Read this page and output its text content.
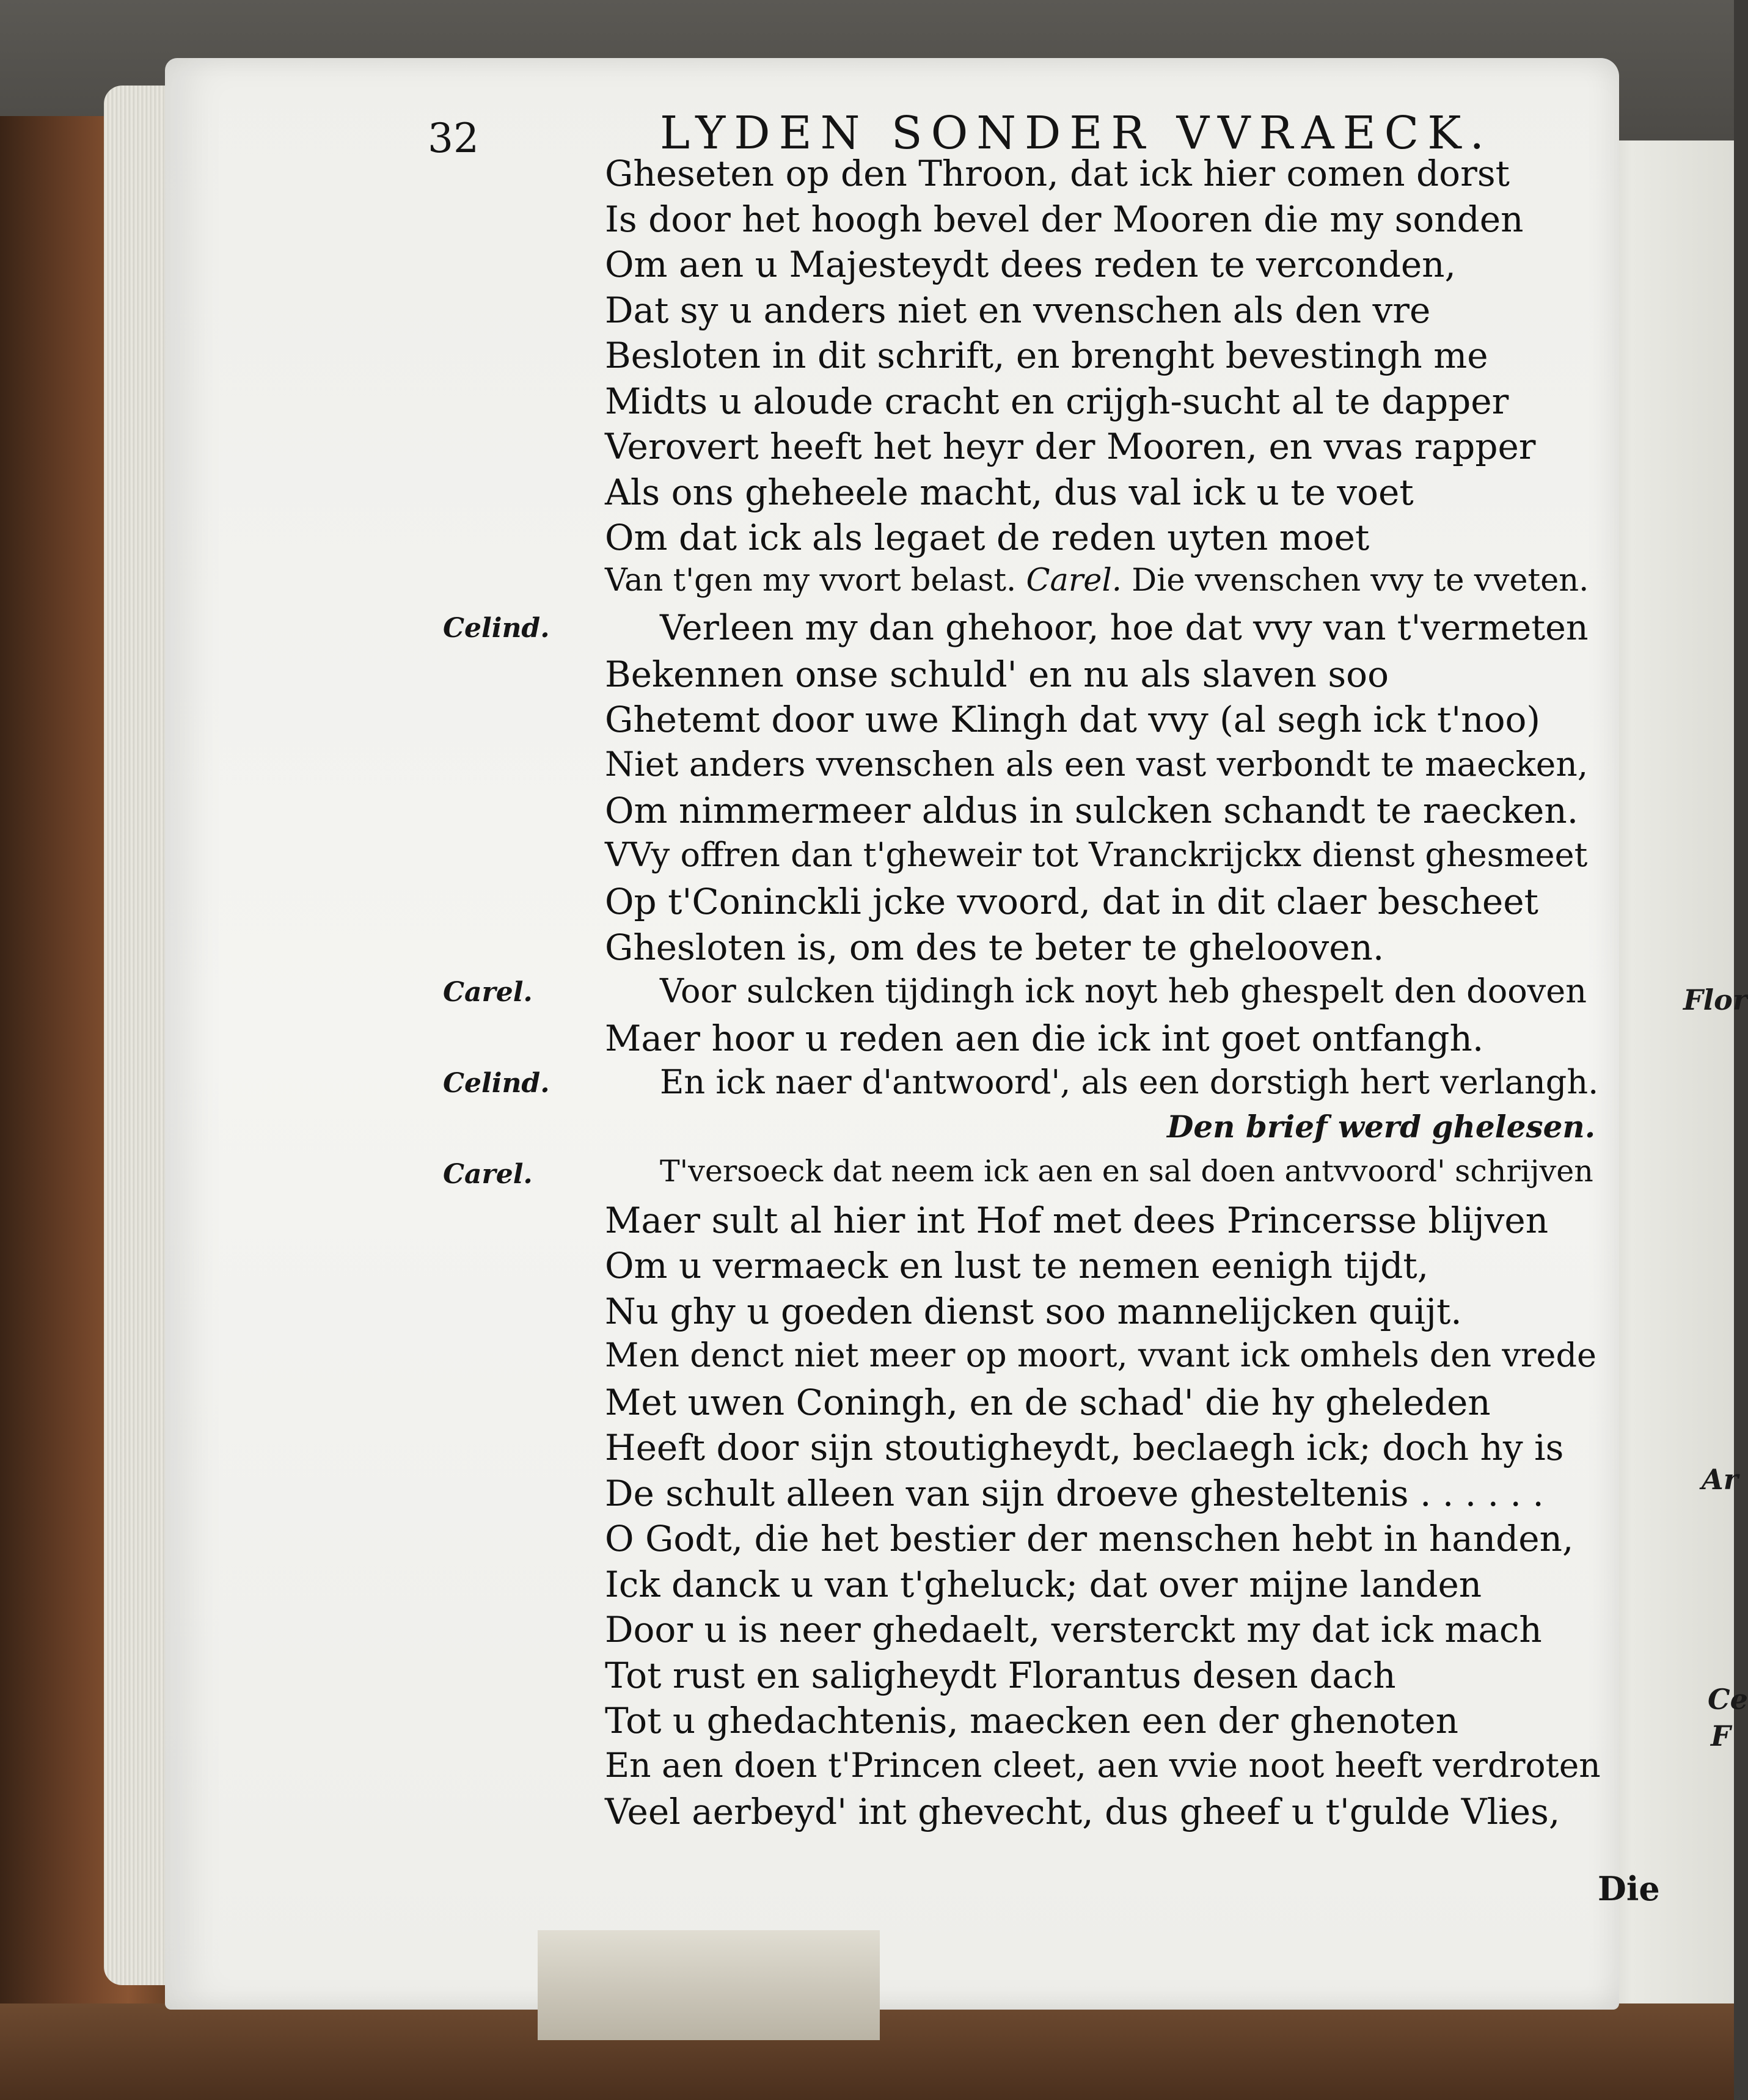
LYDEN SONDER VVRAECK.
32
Gheseten op den Throon, dat ick hier comen dorst
Is door het hoogh bevel der Mooren die my sonden
Om aen u Majesteydt dees reden te verconden,
Dat sy u anders niet en vvenschen als den vre
Besloten in dit schrift, en brenght bevestingh me
Midts u aloude cracht en crijgh-sucht al te dapper
Verovert heeft het heyr der Mooren, en vvas rapper
Als ons gheheele macht, dus val ick u te voet
Om dat ick als legaet de reden uyten moet
Van t'gen my vvort belast. Carel. Die vvenschen vvy te vveten.
Celind.	Verleen my dan ghehoor, hoe dat vvy van t'vermeten
Bekennen onse schuld' en nu als slaven soo
Ghetemt door uwe Klingh dat vvy (al segh ick t'noo)
Niet anders vvenschen als een vast verbondt te maecken,
Om nimmermeer aldus in sulcken schandt te raecken.
VVy offren dan t'gheweir tot Vranckrijckx dienst ghesmeet
Op t'Coninckli jcke vvoord, dat in dit claer bescheet
Ghesloten is, om des te beter te ghelooven.
Carel.	Voor sulcken tijdingh ick noyt heb ghespelt den dooven
Maer hoor u reden aen die ick int goet ontfangh.
Celind.	En ick naer d'antwoord', als een dorstigh hert verlangh.
Den brief werd ghelesen.
Carel.	T'versoeck dat neem ick aen en sal doen antvvoord' schrijven
Maer sult al hier int Hof met dees Princersse blijven
Om u vermaeck en lust te nemen eenigh tijdt,
Nu ghy u goeden dienst soo mannelijcken quijt.
Men denct niet meer op moort, vvant ick omhels den vrede
Met uwen Coningh, en de schad' die hy gheleden
Heeft door sijn stoutigheydt, beclaegh ick; doch hy is
De schult alleen van sijn droeve ghesteltenis . . . . . .
O Godt, die het bestier der menschen hebt in handen,
Ick danck u van t'gheluck; dat over mijne landen
Door u is neer ghedaelt, versterckt my dat ick mach
Tot rust en saligheydt Florantus desen dach
Tot u ghedachtenis, maecken een der ghenoten
En aen doen t'Princen cleet, aen vvie noot heeft verdroten
Veel aerbeyd' int ghevecht, dus gheef u t'gulde Vlies,
Die
Flor
Ar
Ce
F
